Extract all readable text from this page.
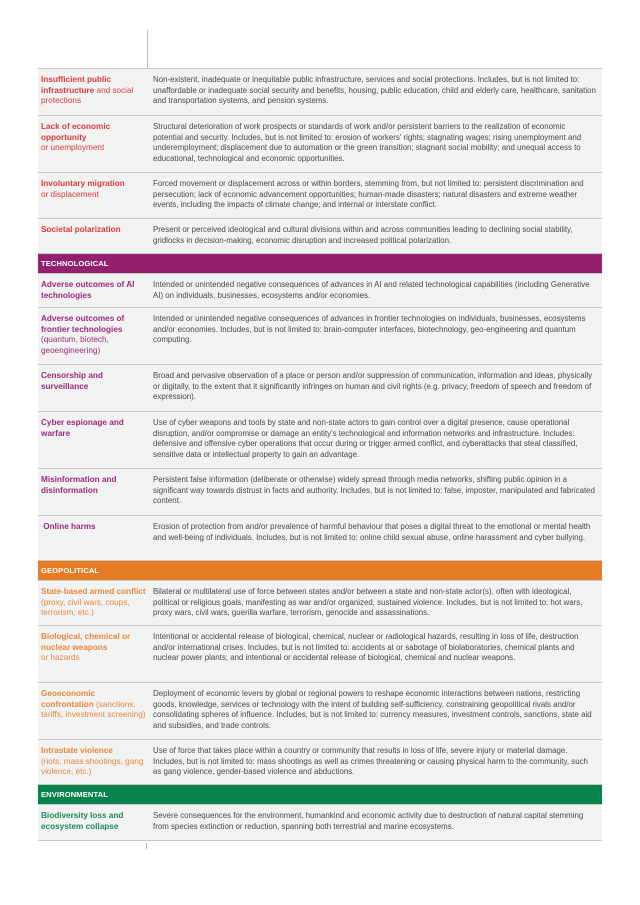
Insufficient public infrastructure and social protections
Non-existent, inadequate or inequitable public infrastructure, services and social protections. Includes, but is not limited to: unaffordable or inadequate social security and benefits, housing, public education, child and elderly care, healthcare, sanitation and transportation systems, and pension systems.
Lack of economic opportunity
or unemployment
Structural deterioration of work prospects or standards of work and/or persistent barriers to the realization of economic potential and security. Includes, but is not limited to: erosion of workers' rights; stagnating wages; rising unemployment and underemployment; displacement due to automation or the green transition; stagnant social mobility; and unequal access to educational, technological and economic opportunities.
Involuntary migration
or displacement
Forced movement or displacement across or within borders, stemming from, but not limited to: persistent discrimination and persecution; lack of economic advancement opportunities; human-made disasters; natural disasters and extreme weather events, including the impacts of climate change; and internal or interstate conflict.
Societal polarization	Present or perceived ideological and cultural divisions within and across communities leading to declining social stability, gridlocks in decision-making, economic disruption and increased political polarization.
TECHNOLOGICAL
Adverse outcomes of AI technologies
Intended or unintended negative consequences of advances in AI and related technological capabilities (including Generative AI) on individuals, businesses, ecosystems and/or economies.
Adverse outcomes of frontier technologies (quantum, biotech, geoengineering)
Intended or unintended negative consequences of advances in frontier technologies on individuals, businesses, ecosystems and/or economies. Includes, but is not limited to: brain-computer interfaces, biotechnology, geo-engineering and quantum computing.
Censorship and surveillance
Broad and pervasive observation of a place or person and/or suppression of communication, information and ideas, physically or digitally, to the extent that it significantly infringes on human and civil rights (e.g. privacy, freedom of speech and freedom of expression).
Cyber espionage and warfare
Use of cyber weapons and tools by state and non-state actors to gain control over a digital presence, cause operational disruption, and/or compromise or damage an entity's technological and information networks and infrastructure. Includes: defensive and offensive cyber operations that occur during or trigger armed conflict, and cyberattacks that steal classified, sensitive data or intellectual property to gain an advantage.
Misinformation and disinformation
Persistent false information (deliberate or otherwise) widely spread through media networks, shifting public opinion in a significant way towards distrust in facts and authority. Includes, but is not limited to: false, imposter, manipulated and fabricated content.
Online harms	Erosion of protection from and/or prevalence of harmful behaviour that poses a digital threat to the emotional or mental health and well-being of individuals. Includes, but is not limited to: online child sexual abuse, online harassment and cyber bullying.
GEOPOLITICAL
State-based armed conflict (proxy, civil wars, coups, terrorism, etc.)
Bilateral or multilateral use of force between states and/or between a state and non-state actor(s), often with ideological, political or religious goals, manifesting as war and/or organized, sustained violence. Includes, but is not limited to: hot wars, proxy wars, civil wars, guerilla warfare, terrorism, genocide and assassinations.
Biological, chemical or nuclear weapons
or hazards
Intentional or accidental release of biological, chemical, nuclear or radiological hazards, resulting in loss of life, destruction and/or international crises. Includes, but is not limited to: accidents at or sabotage of biolaboratories, chemical plants and nuclear power plants; and intentional or accidental release of biological, chemical and nuclear weapons.
Geoeconomic confrontation (sanctions, tariffs, investment screening)
Deployment of economic levers by global or regional powers to reshape economic interactions between nations, restricting goods, knowledge, services or technology with the intent of building self-sufficiency, constraining geopolitical rivals and/or consolidating spheres of influence. Includes, but is not limited to: currency measures, investment controls, sanctions, state aid and subsidies, and trade controls.
Intrastate violence
(riots, mass shootings, gang violence, etc.)
Use of force that takes place within a country or community that results in loss of life, severe injury or material damage. Includes, but is not limited to: mass shootings as well as crimes threatening or causing physical harm to the community, such as gang violence, gender-based violence and abductions.
ENVIRONMENTAL
Biodiversity loss and ecosystem collapse
Severe consequences for the environment, humankind and economic activity due to destruction of natural capital stemming from species extinction or reduction, spanning both terrestrial and marine ecosystems.
